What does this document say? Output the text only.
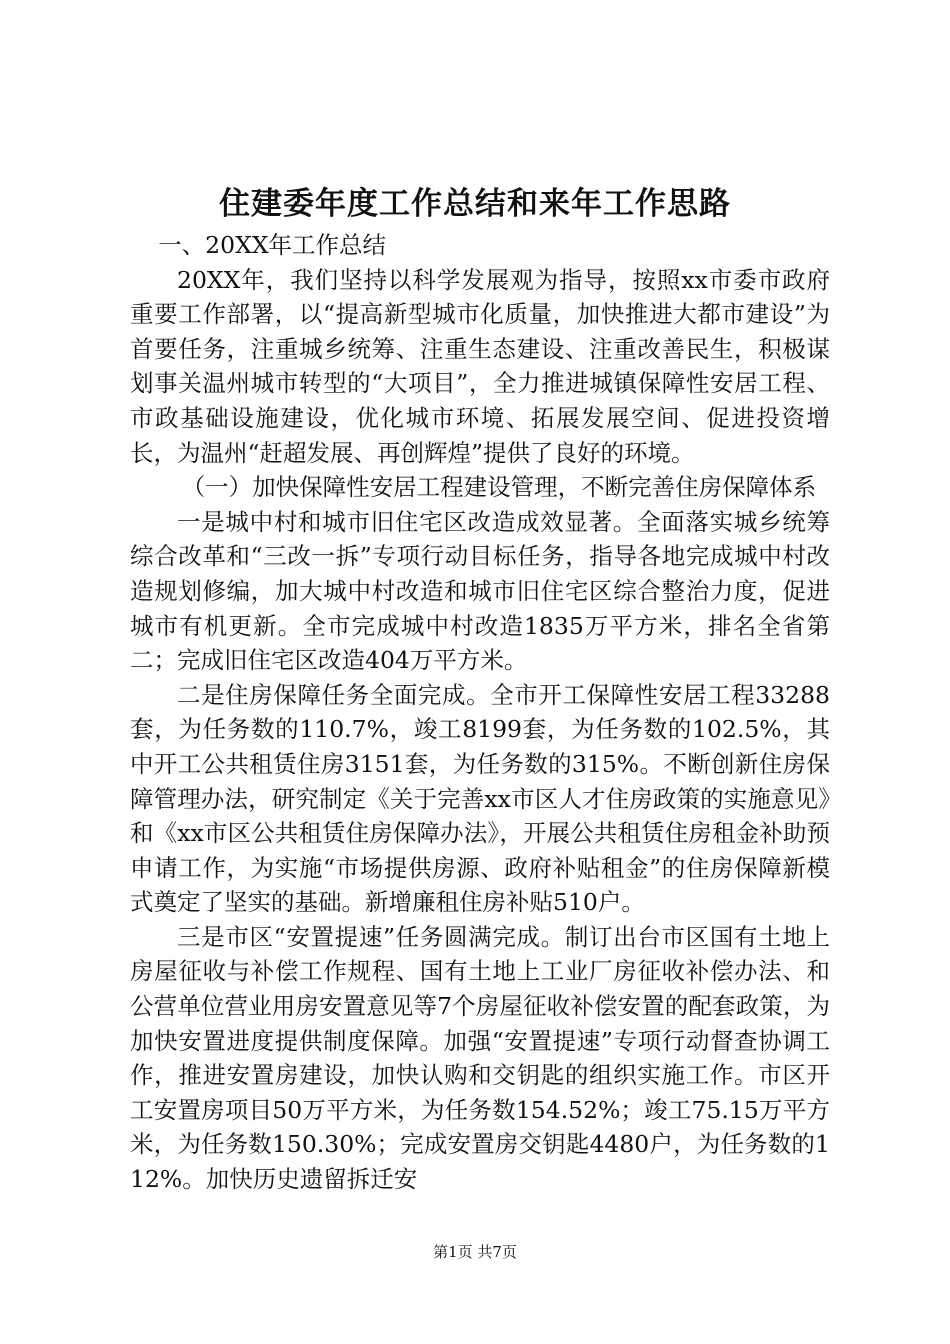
住建委年度工作总结和来年工作思路

一、20XX年工作总结

20XX年，我们坚持以科学发展观为指导，按照xx市委市政府重要工作部署，以“提高新型城市化质量，加快推进大都市建设”为首要任务，注重城乡统筹、注重生态建设、注重改善民生，积极谋划事关温州城市转型的“大项目”，全力推进城镇保障性安居工程、市政基础设施建设，优化城市环境、拓展发展空间、促进投资增长，为温州“赶超发展、再创辉煌”提供了良好的环境。

（一）加快保障性安居工程建设管理，不断完善住房保障体系

一是城中村和城市旧住宅区改造成效显著。全面落实城乡统筹综合改革和“三改一拆”专项行动目标任务，指导各地完成城中村改造规划修编，加大城中村改造和城市旧住宅区综合整治力度，促进城市有机更新。全市完成城中村改造1835万平方米，排名全省第二；完成旧住宅区改造404万平方米。

二是住房保障任务全面完成。全市开工保障性安居工程33288套，为任务数的110.7%，竣工8199套，为任务数的102.5%，其中开工公共租赁住房3151套，为任务数的315%。不断创新住房保障管理办法，研究制定《关于完善xx市区人才住房政策的实施意见》和《xx市区公共租赁住房保障办法》，开展公共租赁住房租金补助预申请工作，为实施“市场提供房源、政府补贴租金”的住房保障新模式奠定了坚实的基础。新增廉租住房补贴510户。

三是市区“安置提速”任务圆满完成。制订出台市区国有土地上房屋征收与补偿工作规程、国有土地上工业厂房征收补偿办法、和公营单位营业用房安置意见等7个房屋征收补偿安置的配套政策，为加快安置进度提供制度保障。加强“安置提速”专项行动督查协调工作，推进安置房建设，加快认购和交钥匙的组织实施工作。市区开工安置房项目50万平方米，为任务数154.52%；竣工75.15万平方米，为任务数150.30%；完成安置房交钥匙4480户，为任务数的112%。加快历史遗留拆迁安

第1页 共7页
